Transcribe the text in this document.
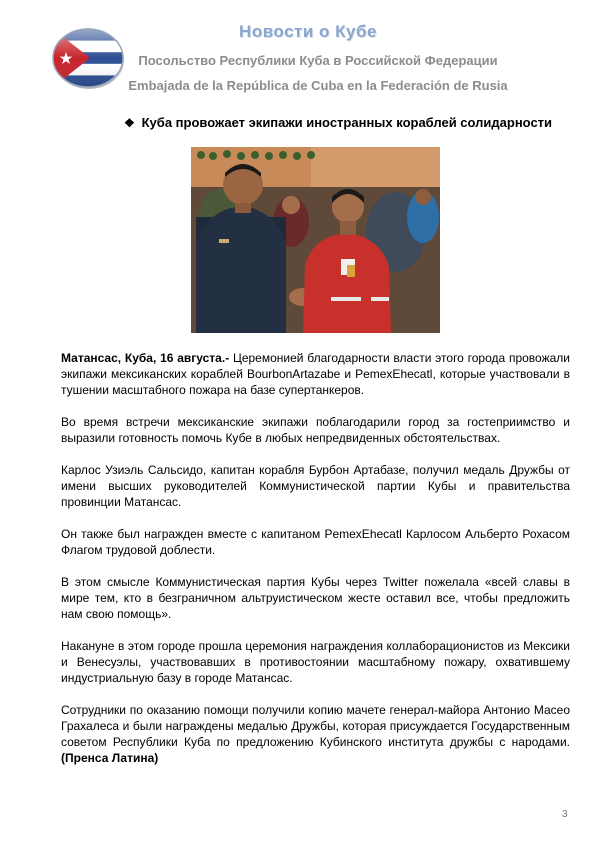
Новости о Кубе
Посольство Республики Куба в Российской Федерации
Embajada de la República de Cuba en la Federación de Rusia
❖ Куба провожает экипажи иностранных кораблей солидарности

Матансас, Куба, 16 августа.- Церемонией благодарности власти этого города провожали экипажи мексиканских кораблей BourbonArtazabe и PemexEhecatl, которые участвовали в тушении масштабного пожара на базе супертанкеров.

Во время встречи мексиканские экипажи поблагодарили город за гостеприимство и выразили готовность помочь Кубе в любых непредвиденных обстоятельствах.

Карлос Узиэль Сальсидо, капитан корабля Бурбон Артабазе, получил медаль Дружбы от имени высших руководителей Коммунистической партии Кубы и правительства провинции Матансас.

Он также был награжден вместе с капитаном PemexEhecatl Карлосом Альберто Рохасом Флагом трудовой доблести.

В этом смысле Коммунистическая партия Кубы через Twitter пожелала «всей славы в мире тем, кто в безграничном альтруистическом жесте оставил все, чтобы предложить нам свою помощь».

Накануне в этом городе прошла церемония награждения коллаборационистов из Мексики и Венесуэлы, участвовавших в противостоянии масштабному пожару, охватившему индустриальную базу в городе Матансас.

Сотрудники по оказанию помощи получили копию мачете генерал-майора Антонио Масео Грахалеса и были награждены медалью Дружбы, которая присуждается Государственным советом Республики Куба по предложению Кубинского института дружбы с народами. (Пренса Латина)

3
